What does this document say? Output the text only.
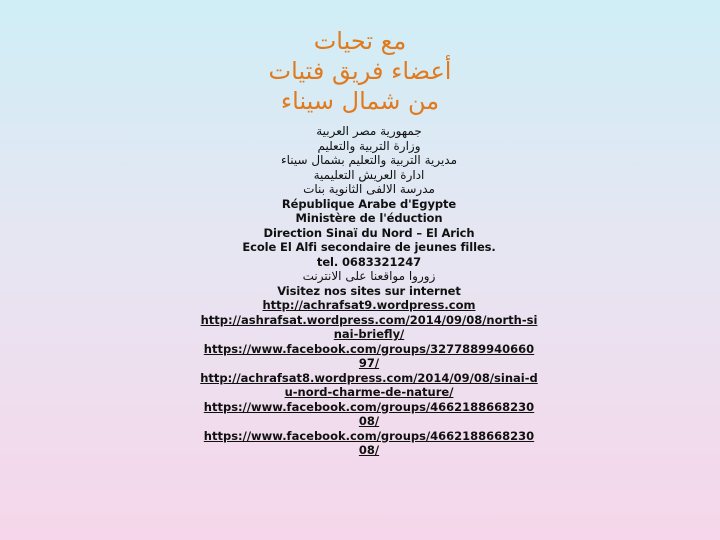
مع تحيات
أعضاء فريق فتيات
من شمال سيناء
جمهورية مصر العربية
وزارة التربية والتعليم
مديرية التربية والتعليم بشمال سيناء
ادارة العريش التعليمية
مدرسة الالفى الثانوية بنات
République Arabe d'Egypte
Ministère de l'éduction
Direction Sinaï du Nord – El Arich
Ecole El Alfi secondaire de jeunes filles.
tel. 0683321247
زوروا مواقعنا على الانترنت
Visitez nos sites sur internet
http://achrafsat9.wordpress.com
http://ashrafsat.wordpress.com/2014/09/08/north-sinai-briefly/
https://www.facebook.com/groups/327788994066097/
http://achrafsat8.wordpress.com/2014/09/08/sinai-du-nord-charme-de-nature/
https://www.facebook.com/groups/466218866823008/
https://www.facebook.com/groups/466218866823008/
